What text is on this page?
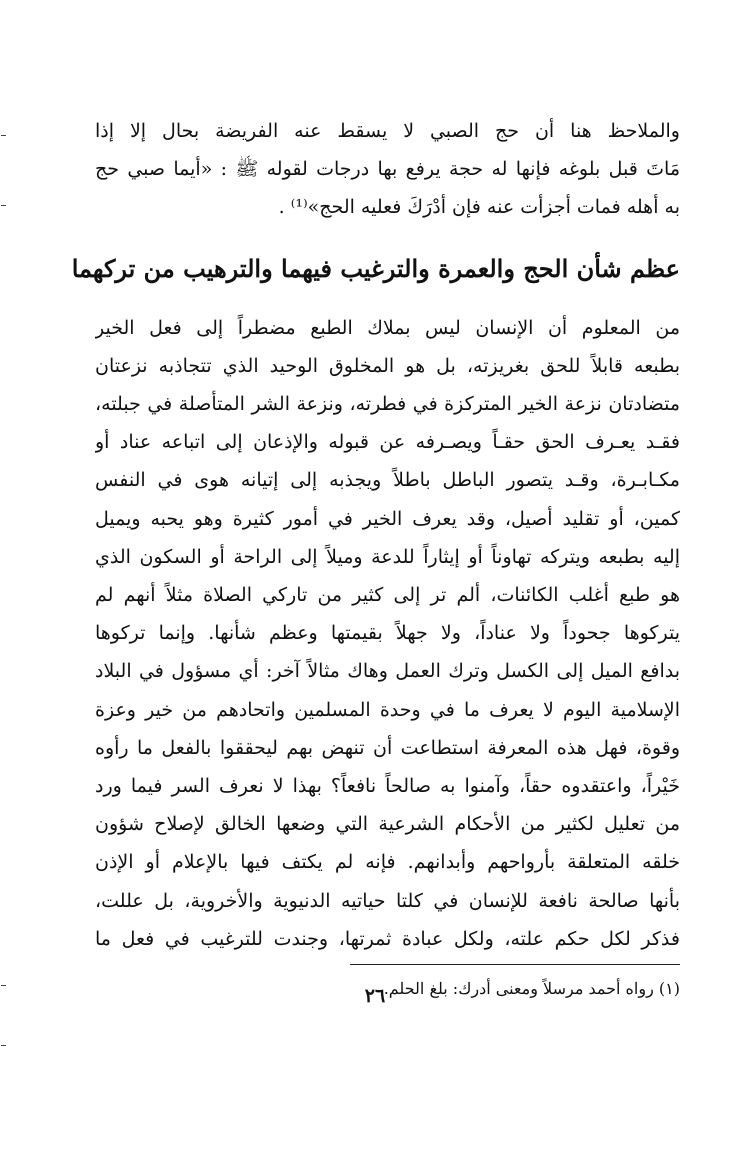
والملاحظ هنا أن حج الصبي لا يسقط عنه الفريضة بحال إلا إذا
مَاتَ قبل بلوغه فإنها له حجة يرفع بها درجات لقوله ﷺ : «أيما صبي حج
به أهله فمات أجزأت عنه فإن أدْرَكَ فعليه الحج»⁽¹⁾ .

عظم شأن الحج والعمرة والترغيب فيهما والترهيب من تركهما

من المعلوم أن الإنسان ليس بملاك الطبع مضطراً إلى فعل الخير
بطبعه قابلاً للحق بغريزته، بل هو المخلوق الوحيد الذي تتجاذبه نزعتان
متضادتان نزعة الخير المتركزة في فطرته، ونزعة الشر المتأصلة في جبلته،
فقـد يعـرف الحق حقـاً ويصـرفه عن قبوله والإذعان إلى اتباعه عناد أو
مكـابـرة، وقـد يتصور الباطل باطلاً ويجذبه إلى إتيانه هوى في النفس
كمين، أو تقليد أصيل، وقد يعرف الخير في أمور كثيرة وهو يحبه ويميل
إليه بطبعه ويتركه تهاوناً أو إيثاراً للدعة وميلاً إلى الراحة أو السكون الذي
هو طبع أغلب الكائنات، ألم تر إلى كثير من تاركي الصلاة مثلاً أنهم لم
يتركوها جحوداً ولا عناداً، ولا جهلاً بقيمتها وعظم شأنها. وإنما تركوها
بدافع الميل إلى الكسل وترك العمل وهاك مثالاً آخر: أي مسؤول في البلاد
الإسلامية اليوم لا يعرف ما في وحدة المسلمين واتحادهم من خير وعزة
وقوة، فهل هذه المعرفة استطاعت أن تنهض بهم ليحققوا بالفعل ما رأوه
خَيْراً، واعتقدوه حقاً، وآمنوا به صالحاً نافعاً؟ بهذا لا نعرف السر فيما ورد
من تعليل لكثير من الأحكام الشرعية التي وضعها الخالق لإصلاح شؤون
خلقه المتعلقة بأرواحهم وأبدانهم. فإنه لم يكتف فيها بالإعلام أو الإذن
بأنها صالحة نافعة للإنسان في كلتا حياتيه الدنيوية والأخروية، بل عللت،
فذكر لكل حكم علته، ولكل عبادة ثمرتها، وجندت للترغيب في فعل ما

(١) رواه أحمد مرسلاً ومعنى أدرك: بلغ الحلم.

٢٦
